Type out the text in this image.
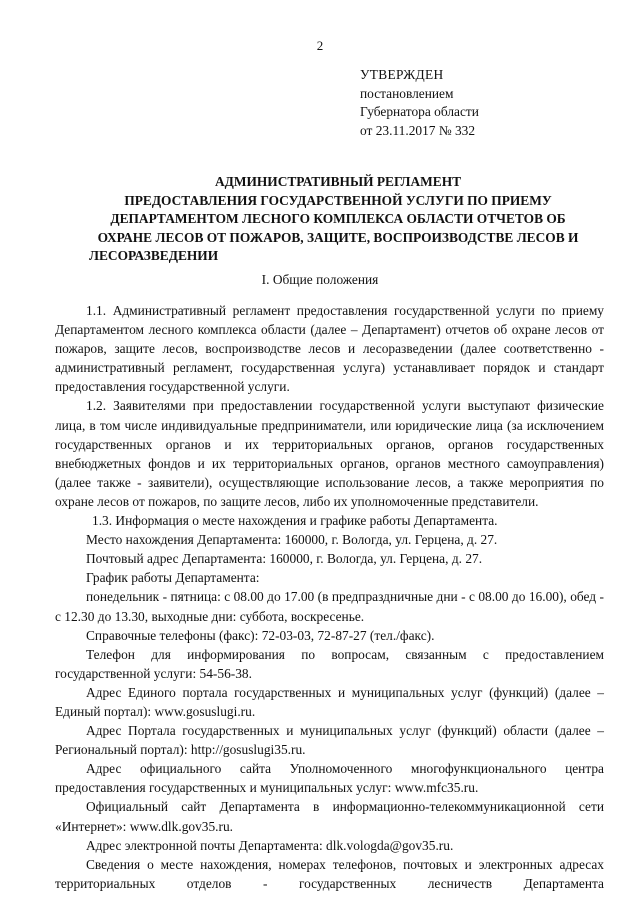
2
УТВЕРЖДЕН
постановлением
Губернатора области
от 23.11.2017 № 332
АДМИНИСТРАТИВНЫЙ РЕГЛАМЕНТ
ПРЕДОСТАВЛЕНИЯ ГОСУДАРСТВЕННОЙ УСЛУГИ ПО ПРИЕМУ
ДЕПАРТАМЕНТОМ ЛЕСНОГО КОМПЛЕКСА ОБЛАСТИ ОТЧЕТОВ ОБ
ОХРАНЕ ЛЕСОВ ОТ ПОЖАРОВ, ЗАЩИТЕ, ВОСПРОИЗВОДСТВЕ ЛЕСОВ И
ЛЕСОРАЗВЕДЕНИИ
I. Общие положения

1.1. Административный регламент предоставления государственной услуги по приему Департаментом лесного комплекса области (далее – Департамент) отчетов об охране лесов от пожаров, защите лесов, воспроизводстве лесов и лесоразведении (далее соответственно - административный регламент, государственная услуга) устанавливает порядок и стандарт предоставления государственной услуги.

1.2. Заявителями при предоставлении государственной услуги выступают физические лица, в том числе индивидуальные предприниматели, или юридические лица (за исключением государственных органов и их территориальных органов, органов государственных внебюджетных фондов и их территориальных органов, органов местного самоуправления) (далее также - заявители), осуществляющие использование лесов, а также мероприятия по охране лесов от пожаров, по защите лесов, либо их уполномоченные представители.

1.3. Информация о месте нахождения и графике работы Департамента.

Место нахождения Департамента: 160000, г. Вологда, ул. Герцена, д. 27.

Почтовый адрес Департамента: 160000, г. Вологда, ул. Герцена, д. 27.

График работы Департамента:

понедельник - пятница: с 08.00 до 17.00 (в предпраздничные дни - с 08.00 до 16.00), обед - с 12.30 до 13.30, выходные дни: суббота, воскресенье.

Справочные телефоны (факс): 72-03-03, 72-87-27 (тел./факс).

Телефон для информирования по вопросам, связанным с предоставлением государственной услуги: 54-56-38.

Адрес Единого портала государственных и муниципальных услуг (функций) (далее – Единый портал): www.gosuslugi.ru.

Адрес Портала государственных и муниципальных услуг (функций) области (далее – Региональный портал): http://gosuslugi35.ru.

Адрес официального сайта Уполномоченного многофункционального центра предоставления государственных и муниципальных услуг: www.mfc35.ru.

Официальный сайт Департамента в информационно-телекоммуникационной сети «Интернет»: www.dlk.gov35.ru.

Адрес электронной почты Департамента: dlk.vologda@gov35.ru.

Сведения о месте нахождения, номерах телефонов, почтовых и электронных адресах территориальных отделов - государственных лесничеств Департамента
